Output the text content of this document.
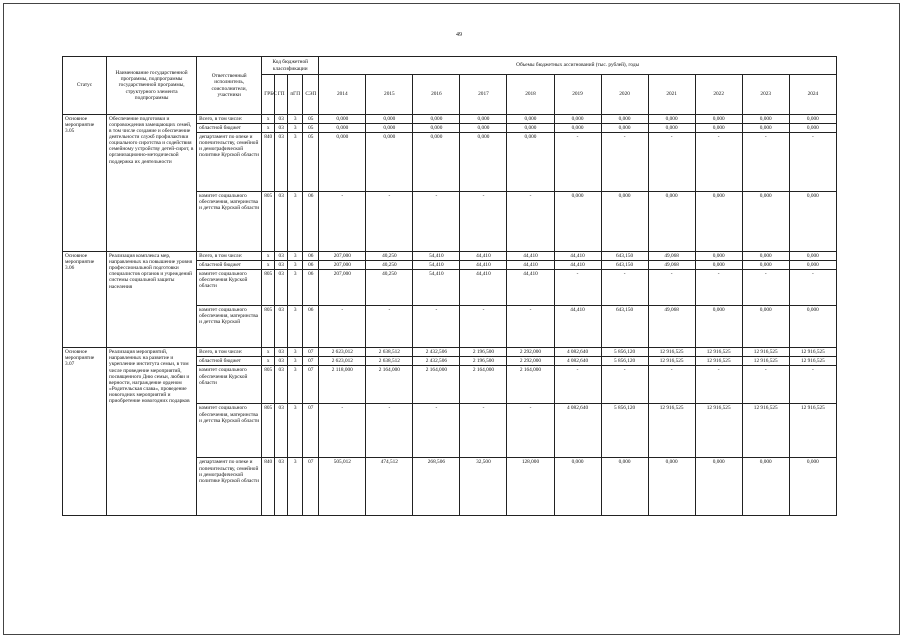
49
Статус	Наименование государственной программы, подпрограммы государственной программы, структурного элемента подпрограммы	Ответственный исполнитель, соисполнители, участники	Код бюджетной классификации				Объемы бюджетных ассигнований (тыс. рублей), годы										
			ГРБС	ГП	пГП	СЭП	2014	2015	2016	2017	2018	2019	2020	2021	2022	2023	2024
Основное мероприятие 3.05	Обеспечение подготовки и сопровождения замещающих семей, в том числе создание и обеспечение деятельности служб профилактики социального сиротства и содействия семейному устройству детей-сирот, в организационно-методической поддержка их деятельности	Всего, в том числе:	x	03	3	05	0,000	0,000	0,000	0,000	0,000	0,000	0,000	0,000	0,000	0,000	0,000
		областной бюджет	x	03	3	05	0,000	0,000	0,000	0,000	0,000	0,000	0,000	0,000	0,000	0,000	0,000
		департамент по опеке и попечительству, семейной и демографической политике Курской области	840	03	3	05	0,000	0,000	0,000	0,000	0,000	-	-	-	-	-	-
		комитет социального обеспечения, материнства и детства Курской области	805	03	3	06	-	-	-	-	-	0,000	0,000	0,000	0,000	0,000	0,000
Основное мероприятие 3.06	Реализация комплекса мер, направленных на повышение уровня профессиональной подготовки специалистов органов и учреждений системы социальной защиты населения	Всего, в том числе:	x	03	3	06	207,000	40,250	54,410	44,410	44,410	44,410	643,150	49,068	0,000	0,000	0,000
		областной бюджет	x	03	3	06	207,000	40,250	54,410	44,410	44,410	44,410	643,150	49,068	0,000	0,000	0,000
		комитет социального обеспечения Курской области	805	03	3	06	207,000	40,250	54,410	44,410	44,410	-	-	-	-	-	-
		комитет социального обеспечения, материнства и детства Курской	805	03	3	06	-	-	-	-	-	44,410	643,150	49,068	0,000	0,000	0,000
Основное мероприятие 3.07	Реализация мероприятий, направленных на развитие и укрепление института семьи, в том числе проведение мероприятий, посвященного Дню семьи, любви и верности, награждение орденом «Родительская слава», проведение новогодних мероприятий и приобретение новогодних подарков	Всего, в том числе:	x	03	3	07	2 623,012	2 638,512	2 432,506	2 196,500	2 292,000	4 082,640	5 856,120	12 916,525	12 916,525	12 916,525	12 916,525
		областной бюджет	x	03	3	07	2 623,012	2 638,512	2 432,506	2 196,500	2 292,000	4 082,640	5 856,120	12 916,525	12 916,525	12 916,525	12 916,525
		комитет социального обеспечения Курской области	805	03	3	07	2 118,000	2 164,000	2 164,000	2 164,000	2 164,000	-	-	-	-	-	-
		комитет социального обеспечения, материнства и детства Курской области	805	03	3	07	-	-	-	-	-	4 082,640	5 856,120	12 916,525	12 916,525	12 916,525	12 916,525
		департамент по опеке и попечительству, семейной и демографической политике Курской области	840	03	3	07	505,012	474,512	268,506	32,500	128,000	0,000	0,000	0,000	0,000	0,000	0,000
